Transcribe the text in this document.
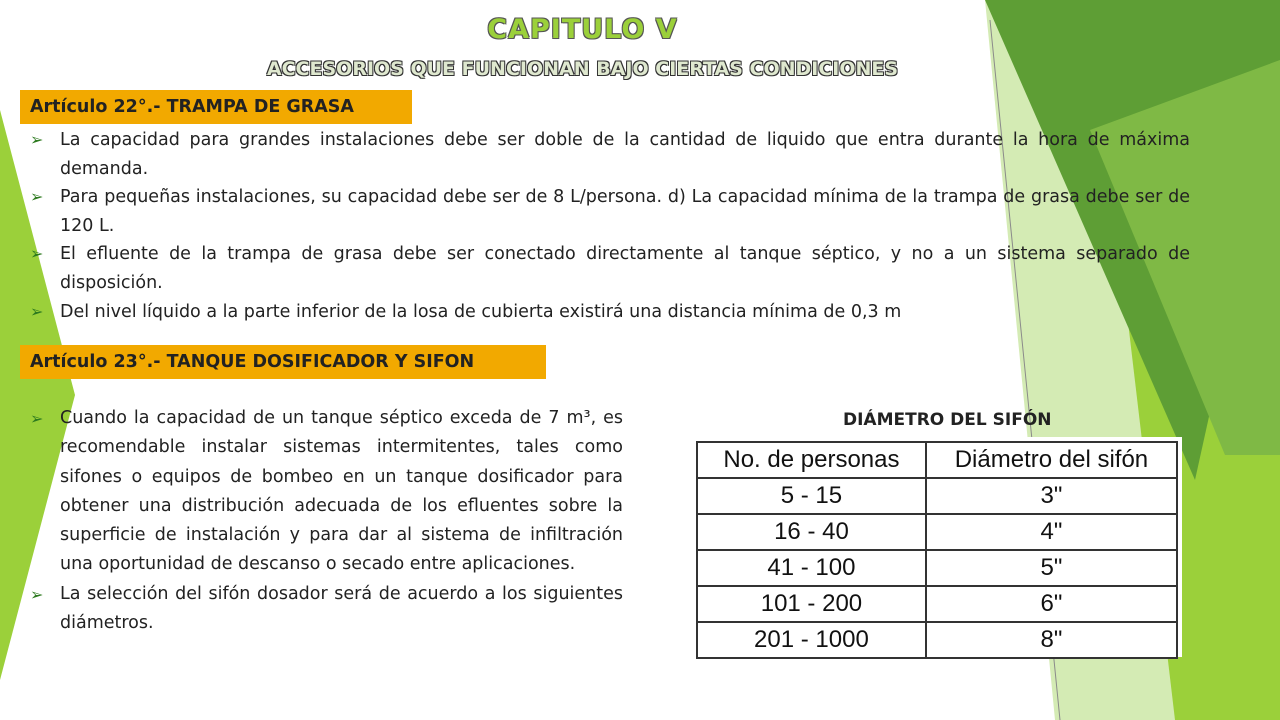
CAPITULO V
ACCESORIOS QUE FUNCIONAN BAJO CIERTAS CONDICIONES
Artículo 22°.- TRAMPA DE GRASA
➢ La capacidad para grandes instalaciones debe ser doble de la cantidad de liquido que entra durante la hora de máxima demanda.
➢ Para pequeñas instalaciones, su capacidad debe ser de 8 L/persona. d) La capacidad mínima de la trampa de grasa debe ser de 120 L.
➢ El efluente de la trampa de grasa debe ser conectado directamente al tanque séptico, y no a un sistema separado de disposición.
➢ Del nivel líquido a la parte inferior de la losa de cubierta existirá una distancia mínima de 0,3 m
Artículo 23°.- TANQUE DOSIFICADOR Y SIFON
➢ Cuando la capacidad de un tanque séptico exceda de 7 m³, es recomendable instalar sistemas intermitentes, tales como sifones o equipos de bombeo en un tanque dosificador para obtener una distribución adecuada de los efluentes sobre la superficie de instalación y para dar al sistema de infiltración una oportunidad de descanso o secado entre aplicaciones.
➢ La selección del sifón dosador será de acuerdo a los siguientes diámetros.
DIÁMETRO DEL SIFÓN
No. de personas	Diámetro del sifón
5 - 15	3"
16 - 40	4"
41 - 100	5"
101 - 200	6"
201 - 1000	8"
